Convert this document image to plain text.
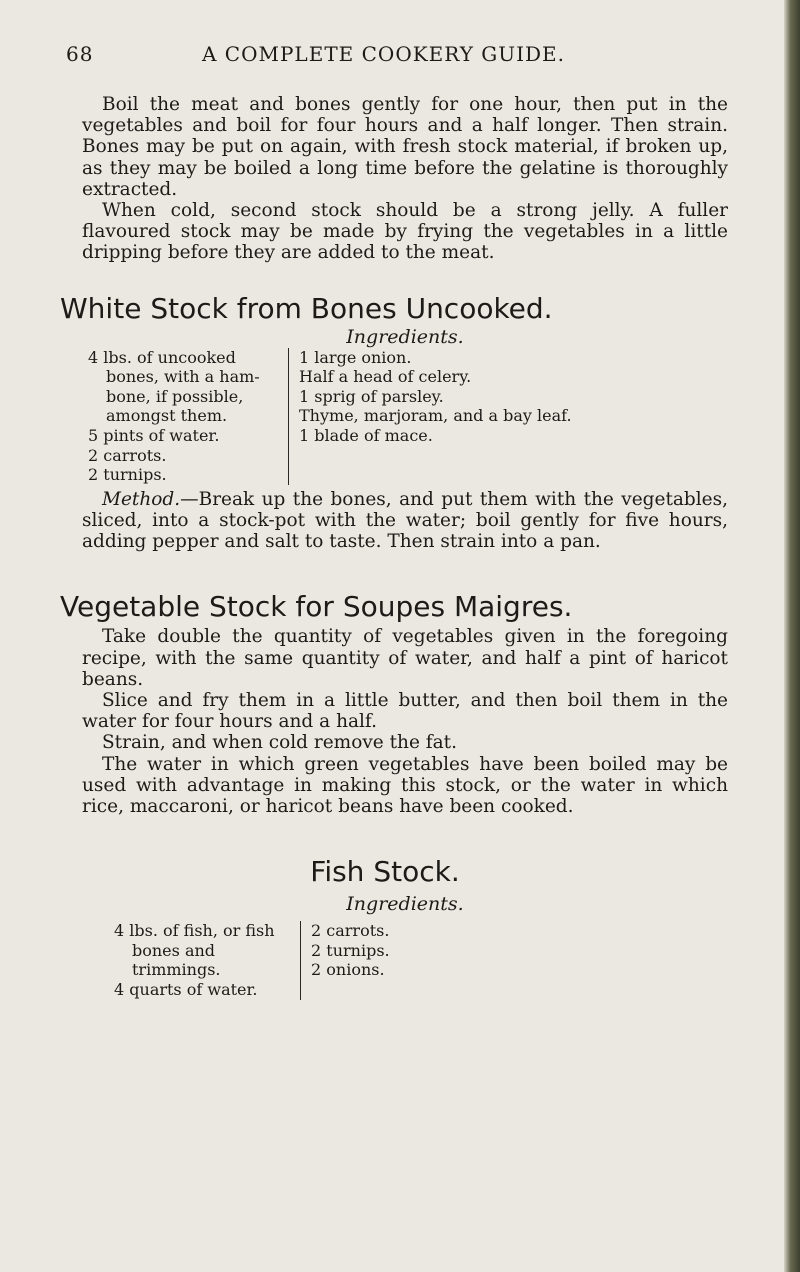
68	A COMPLETE COOKERY GUIDE.

Boil the meat and bones gently for one hour, then put in the vegetables and boil for four hours and a half longer. Then strain. Bones may be put on again, with fresh stock material, if broken up, as they may be boiled a long time before the gelatine is thoroughly extracted.

When cold, second stock should be a strong jelly. A fuller flavoured stock may be made by frying the vegetables in a little dripping before they are added to the meat.

White Stock from Bones Uncooked.
Ingredients.
4 lbs. of uncooked bones, with a ham-bone, if possible, amongst them.
5 pints of water.
2 carrots.
2 turnips.
1 large onion.
Half a head of celery.
1 sprig of parsley.
Thyme, marjoram, and a bay leaf.
1 blade of mace.

Method.—Break up the bones, and put them with the vegetables, sliced, into a stock-pot with the water; boil gently for five hours, adding pepper and salt to taste. Then strain into a pan.

Vegetable Stock for Soupes Maigres.

Take double the quantity of vegetables given in the foregoing recipe, with the same quantity of water, and half a pint of haricot beans.

Slice and fry them in a little butter, and then boil them in the water for four hours and a half.

Strain, and when cold remove the fat.

The water in which green vegetables have been boiled may be used with advantage in making this stock, or the water in which rice, maccaroni, or haricot beans have been cooked.

Fish Stock.
Ingredients.
4 lbs. of fish, or fish bones and trimmings.
4 quarts of water.
2 carrots.
2 turnips.
2 onions.
